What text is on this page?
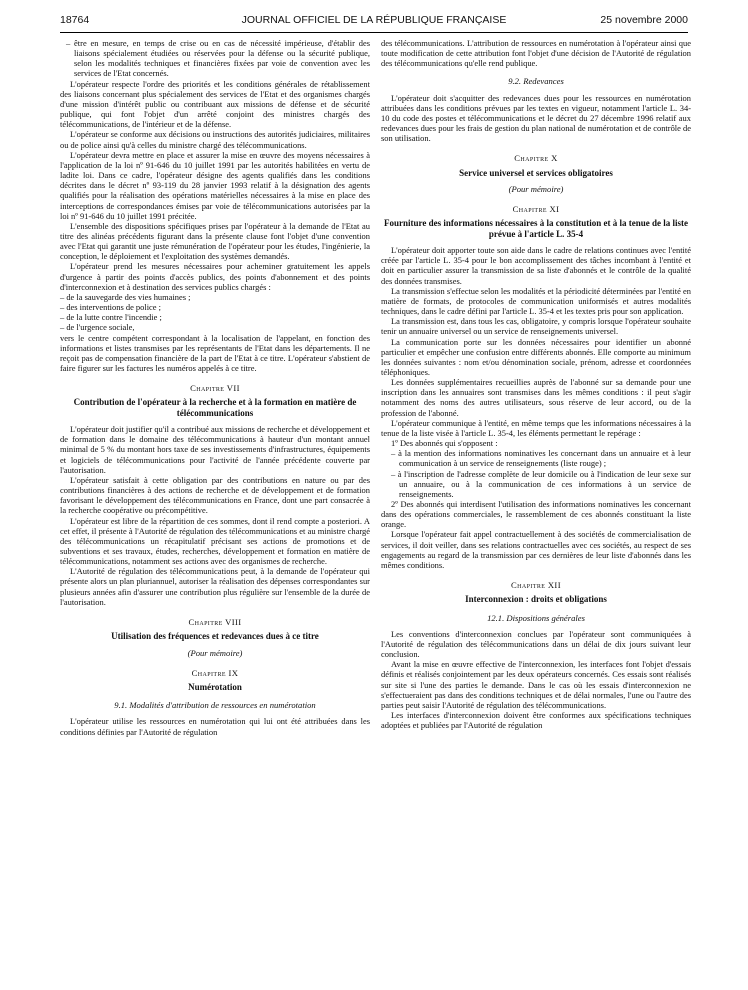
18764	JOURNAL OFFICIEL DE LA RÉPUBLIQUE FRANÇAISE	25 novembre 2000

– être en mesure, en temps de crise ou en cas de nécessité impérieuse, d'établir des liaisons spécialement étudiées ou réservées pour la défense ou la sécurité publique, selon les modalités techniques et financières fixées par voie de convention avec les services de l'Etat concernés.

L'opérateur respecte l'ordre des priorités et les conditions générales de rétablissement des liaisons concernant plus spécialement des services de l'Etat et des organismes chargés d'une mission d'intérêt public ou contribuant aux missions de défense et de sécurité publique, qui font l'objet d'un arrêté conjoint des ministres chargés des télécommunications, de l'intérieur et de la défense.

L'opérateur se conforme aux décisions ou instructions des autorités judiciaires, militaires ou de police ainsi qu'à celles du ministre chargé des télécommunications.

L'opérateur devra mettre en place et assurer la mise en œuvre des moyens nécessaires à l'application de la loi nº 91-646 du 10 juillet 1991 par les autorités habilitées en vertu de ladite loi. Dans ce cadre, l'opérateur désigne des agents qualifiés dans les conditions décrites dans le décret nº 93-119 du 28 janvier 1993 relatif à la désignation des agents qualifiés pour la réalisation des opérations matérielles nécessaires à la mise en place des interceptions de correspondances émises par voie de télécommunications autorisées par la loi nº 91-646 du 10 juillet 1991 précitée.

L'ensemble des dispositions spécifiques prises par l'opérateur à la demande de l'Etat au titre des alinéas précédents figurant dans la présente clause font l'objet d'une convention avec l'Etat qui garantit une juste rémunération de l'opérateur pour les études, l'ingénierie, la conception, le déploiement et l'exploitation des systèmes demandés.

L'opérateur prend les mesures nécessaires pour acheminer gratuitement les appels d'urgence à partir des points d'accès publics, des points d'abonnement et des points d'interconnexion et à destination des services publics chargés :

– de la sauvegarde des vies humaines ;

– des interventions de police ;

– de la lutte contre l'incendie ;

– de l'urgence sociale,

vers le centre compétent correspondant à la localisation de l'appelant, en fonction des informations et listes transmises par les représentants de l'Etat dans les départements. Il ne reçoit pas de compensation financière de la part de l'Etat à ce titre. L'opérateur s'abstient de faire figurer sur les factures les numéros appelés à ce titre.

Chapitre VII
Contribution de l'opérateur à la recherche et à la formation en matière de télécommunications

L'opérateur doit justifier qu'il a contribué aux missions de recherche et développement et de formation dans le domaine des télécommunications à hauteur d'un montant annuel minimal de 5 % du montant hors taxe de ses investissements d'infrastructures, équipements et logiciels de télécommunications pour l'activité de l'année précédente couverte par l'autorisation.

L'opérateur satisfait à cette obligation par des contributions en nature ou par des contributions financières à des actions de recherche et de développement et de formation favorisant le développement des télécommunications en France, dont une part consacrée à la recherche coopérative ou précompétitive.

L'opérateur est libre de la répartition de ces sommes, dont il rend compte a posteriori. A cet effet, il présente à l'Autorité de régulation des télécommunications et au ministre chargé des télécommunications un récapitulatif précisant ses actions de promotions et de subventions et ses travaux, études, recherches, développement et formation en matière de télécommunications, notamment ses actions avec des organismes de recherche.

L'Autorité de régulation des télécommunications peut, à la demande de l'opérateur qui présente alors un plan pluriannuel, autoriser la réalisation des dépenses correspondantes sur plusieurs années afin d'assurer une contribution plus régulière sur l'ensemble de la durée de l'autorisation.

Chapitre VIII
Utilisation des fréquences et redevances dues à ce titre
(Pour mémoire)
Chapitre IX
Numérotation
9.1. Modalités d'attribution de ressources en numérotation

L'opérateur utilise les ressources en numérotation qui lui ont été attribuées dans les conditions définies par l'Autorité de régulation

des télécommunications. L'attribution de ressources en numérotation à l'opérateur ainsi que toute modification de cette attribution font l'objet d'une décision de l'Autorité de régulation des télécommunications qu'elle rend publique.

9.2. Redevances

L'opérateur doit s'acquitter des redevances dues pour les ressources en numérotation attribuées dans les conditions prévues par les textes en vigueur, notamment l'article L. 34-10 du code des postes et télécommunications et le décret du 27 décembre 1996 relatif aux redevances dues pour les frais de gestion du plan national de numérotation et de contrôle de son utilisation.

Chapitre X
Service universel et services obligatoires
(Pour mémoire)
Chapitre XI
Fourniture des informations nécessaires à la constitution et à la tenue de la liste prévue à l'article L. 35-4

L'opérateur doit apporter toute son aide dans le cadre de relations continues avec l'entité créée par l'article L. 35-4 pour le bon accomplissement des tâches incombant à l'entité et doit en particulier assurer la transmission de sa liste d'abonnés et le contrôle de la qualité des données transmises.

La transmission s'effectue selon les modalités et la périodicité déterminées par l'entité en matière de formats, de protocoles de communication uniformisés et autres modalités techniques, dans le cadre défini par l'article L. 35-4 et les textes pris pour son application.

La transmission est, dans tous les cas, obligatoire, y compris lorsque l'opérateur souhaite tenir un annuaire universel ou un service de renseignements universel.

La communication porte sur les données nécessaires pour identifier un abonné particulier et empêcher une confusion entre différents abonnés. Elle comporte au minimum les données suivantes : nom et/ou dénomination sociale, prénom, adresse et coordonnées téléphoniques.

Les données supplémentaires recueillies auprès de l'abonné sur sa demande pour une inscription dans les annuaires sont transmises dans les mêmes conditions : il peut s'agir notamment des noms des autres utilisateurs, sous réserve de leur accord, ou de la profession de l'abonné.

L'opérateur communique à l'entité, en même temps que les informations nécessaires à la tenue de la liste visée à l'article L. 35-4, les éléments permettant le repérage :

1º Des abonnés qui s'opposent :

– à la mention des informations nominatives les concernant dans un annuaire et à leur communication à un service de renseignements (liste rouge) ;

– à l'inscription de l'adresse complète de leur domicile ou à l'indication de leur sexe sur un annuaire, ou à la communication de ces informations à un service de renseignements.

2º Des abonnés qui interdisent l'utilisation des informations nominatives les concernant dans des opérations commerciales, le rassemblement de ces abonnés constituant la liste orange.

Lorsque l'opérateur fait appel contractuellement à des sociétés de commercialisation de services, il doit veiller, dans ses relations contractuelles avec ces sociétés, au respect de ses engagements au regard de la transmission par ces dernières de leur liste d'abonnés dans les mêmes conditions.

Chapitre XII
Interconnexion : droits et obligations
12.1. Dispositions générales

Les conventions d'interconnexion conclues par l'opérateur sont communiquées à l'Autorité de régulation des télécommunications dans un délai de dix jours suivant leur conclusion.

Avant la mise en œuvre effective de l'interconnexion, les interfaces font l'objet d'essais définis et réalisés conjointement par les deux opérateurs concernés. Ces essais sont réalisés sur site si l'une des parties le demande. Dans le cas où les essais d'interconnexion ne s'effectueraient pas dans des conditions techniques et de délai normales, l'une ou l'autre des parties peut saisir l'Autorité de régulation des télécommunications.

Les interfaces d'interconnexion doivent être conformes aux spécifications techniques adoptées et publiées par l'Autorité de régulation
